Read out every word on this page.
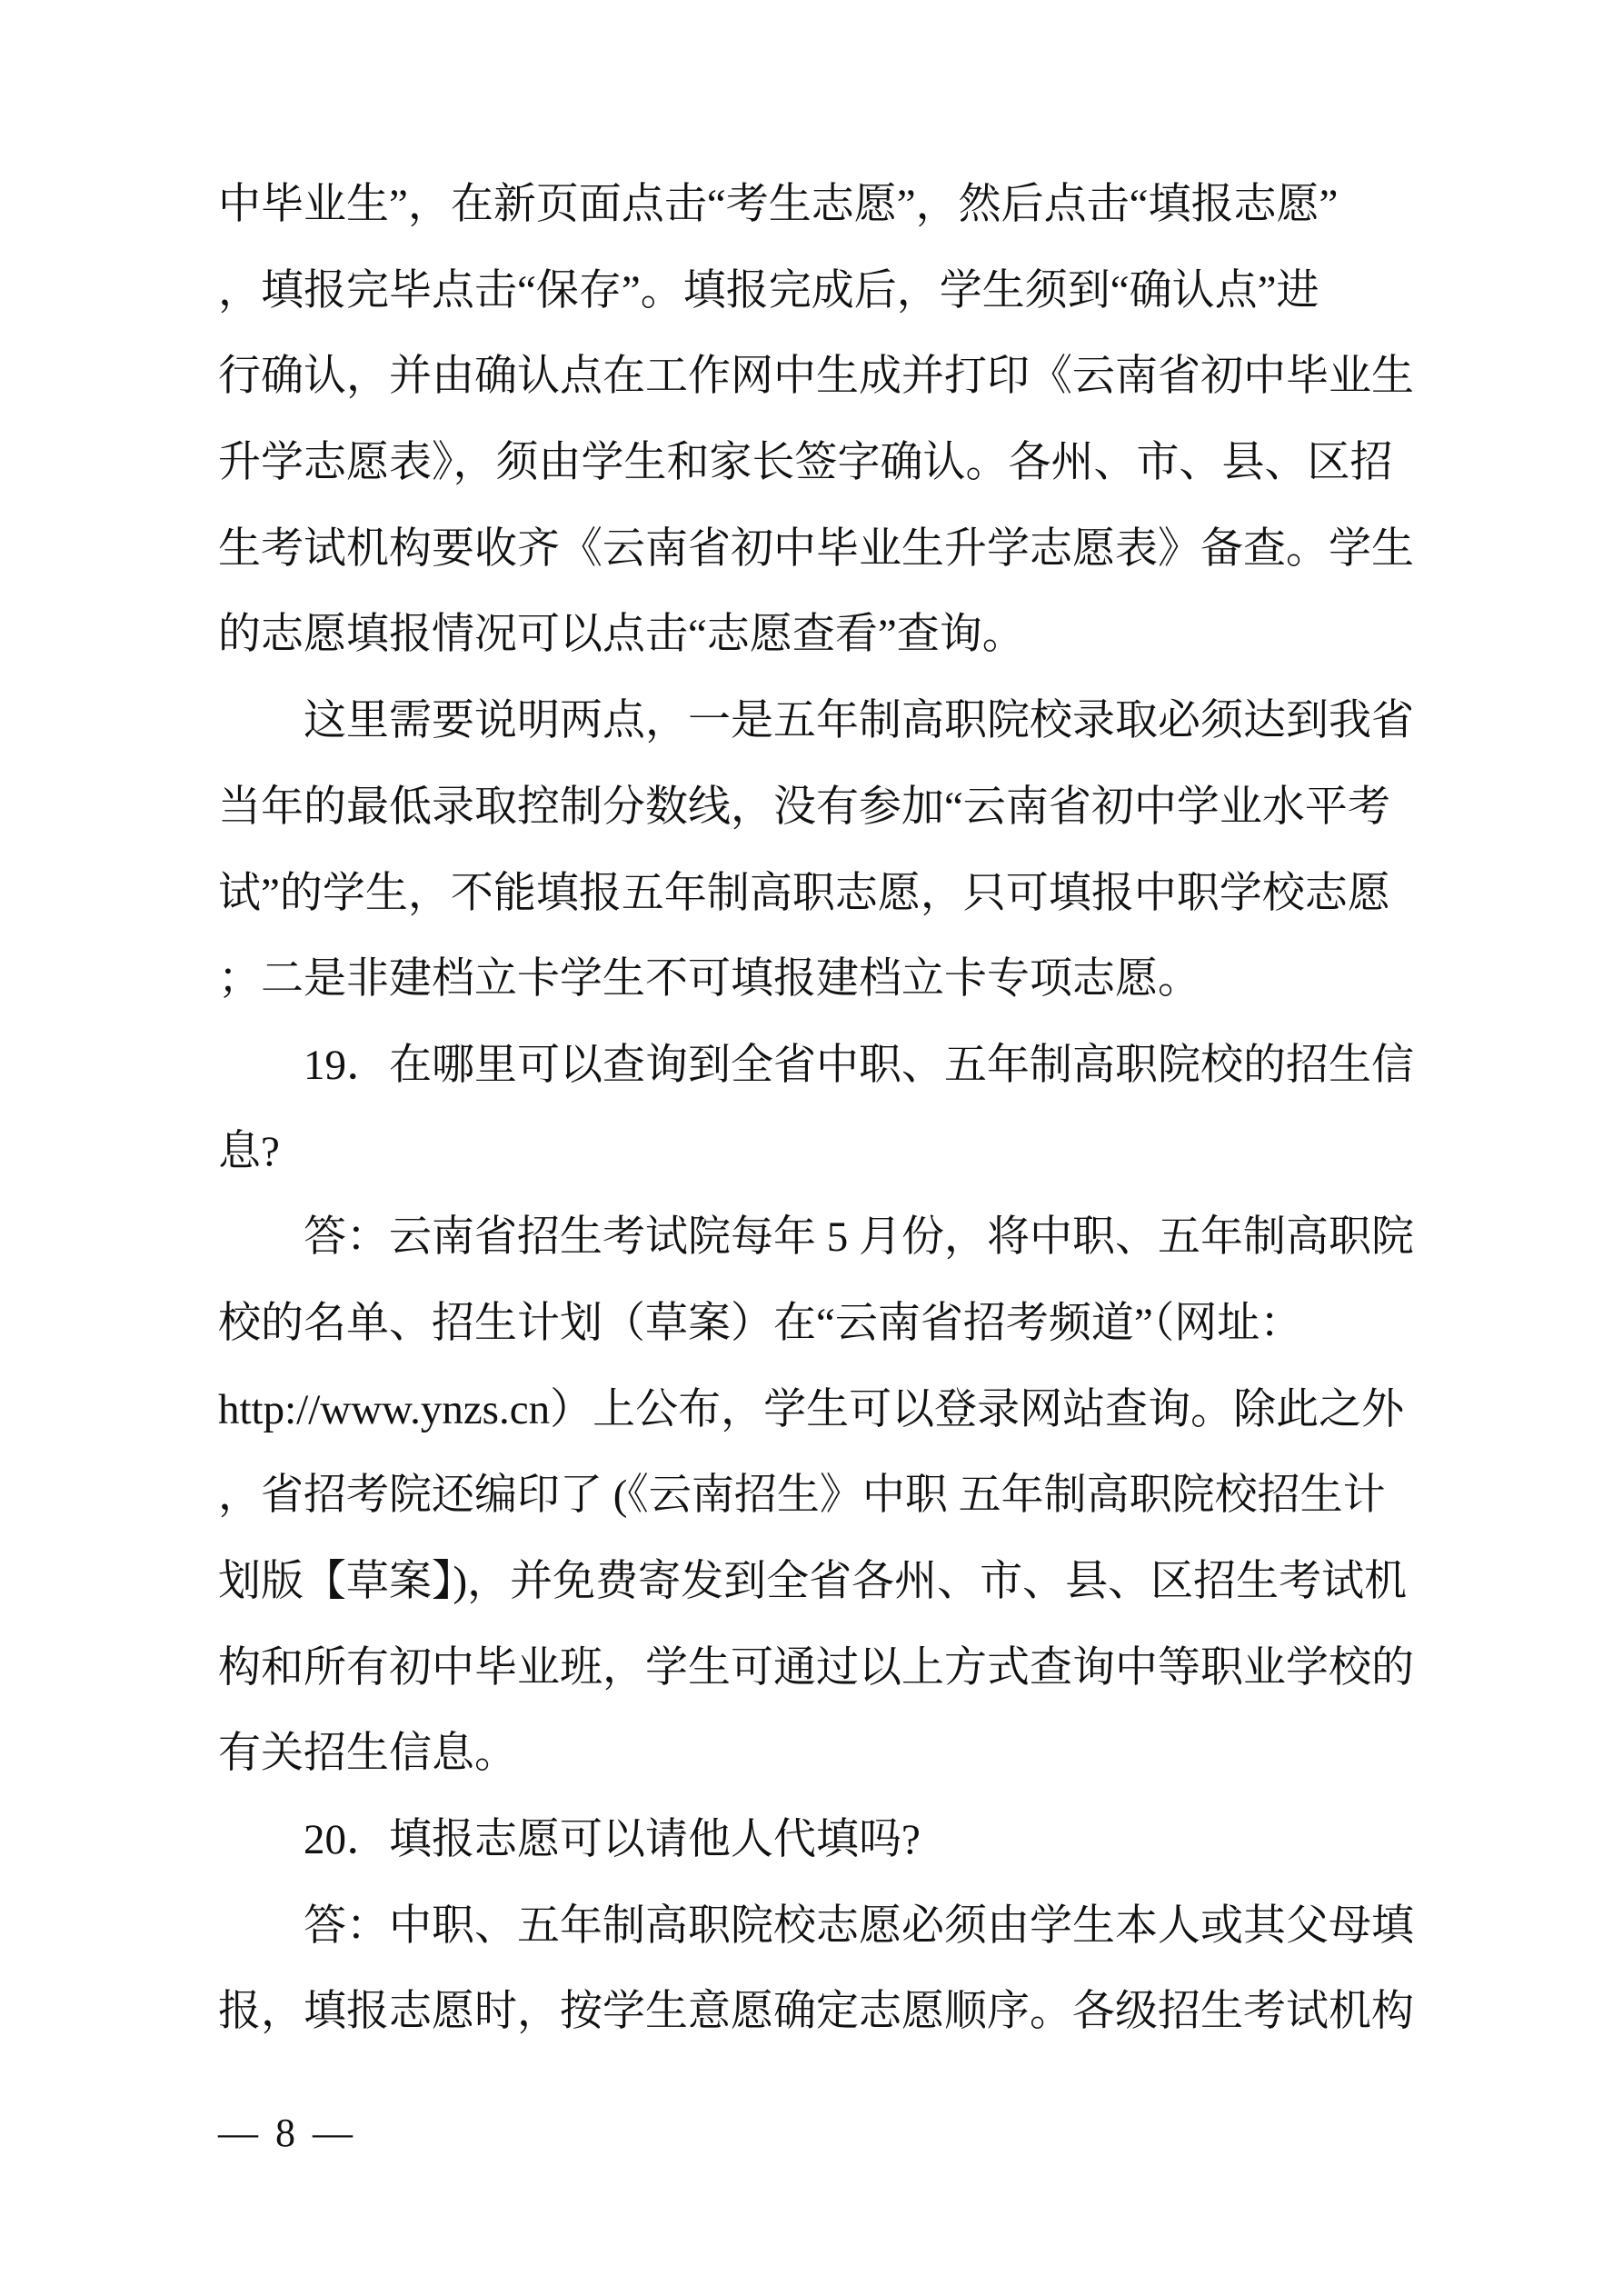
中毕业生”，在新页面点击“考生志愿”，然后点击“填报志愿”
，填报完毕点击“保存”。填报完成后，学生须到“确认点”进
行确认，并由确认点在工作网中生成并打印《云南省初中毕业生
升学志愿表》，须由学生和家长签字确认。各州、市、县、区招
生考试机构要收齐《云南省初中毕业生升学志愿表》备查。学生
的志愿填报情况可以点击“志愿查看”查询。
这里需要说明两点，一是五年制高职院校录取必须达到我省
当年的最低录取控制分数线，没有参加“云南省初中学业水平考
试”的学生，不能填报五年制高职志愿，只可填报中职学校志愿
；二是非建档立卡学生不可填报建档立卡专项志愿。
19．在哪里可以查询到全省中职、五年制高职院校的招生信
息?
答：云南省招生考试院每年 5 月份，将中职、五年制高职院
校的名单、招生计划（草案）在“云南省招考频道”（网址：
http://www.ynzs.cn）上公布，学生可以登录网站查询。除此之外
，省招考院还编印了 (《云南招生》中职 五年制高职院校招生计
划版【草案】)，并免费寄发到全省各州、市、县、区招生考试机
构和所有初中毕业班，学生可通过以上方式查询中等职业学校的
有关招生信息。
20．填报志愿可以请他人代填吗?
答：中职、五年制高职院校志愿必须由学生本人或其父母填
报，填报志愿时，按学生意愿确定志愿顺序。各级招生考试机构
— 8 —
